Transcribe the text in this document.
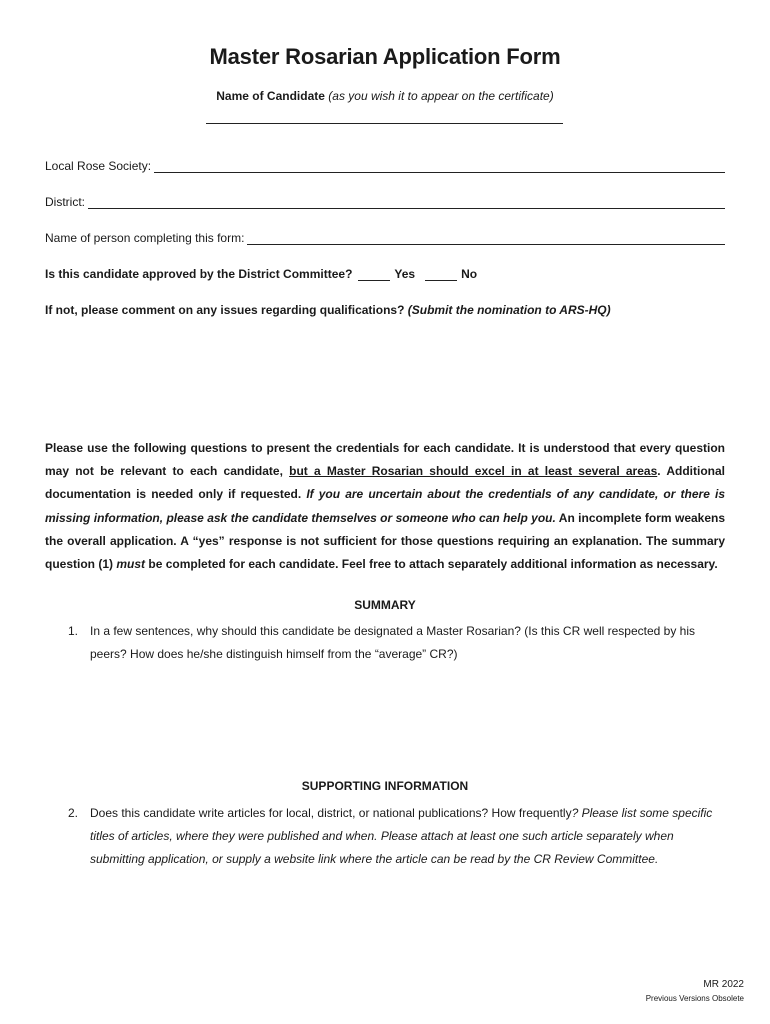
Master Rosarian Application Form
Name of Candidate (as you wish it to appear on the certificate)
Local Rose Society:
District:
Name of person completing this form:
Is this candidate approved by the District Committee?	Yes	No
If not, please comment on any issues regarding qualifications?
(Submit the nomination to ARS-HQ)
Please use the following questions to present the credentials for each candidate. It is understood that every question may not be relevant to each candidate, but a Master Rosarian should excel in at least several areas. Additional documentation is needed only if requested. If you are uncertain about the credentials of any candidate, or there is missing information, please ask the candidate themselves or someone who can help you. An incomplete form weakens the overall application. A “yes” response is not sufficient for those questions requiring an explanation. The summary question (1) must be completed for each candidate. Feel free to attach separately additional information as necessary.
SUMMARY
1. In a few sentences, why should this candidate be designated a Master Rosarian? (Is this CR well respected by his peers? How does he/she distinguish himself from the “average” CR?)
SUPPORTING INFORMATION
2. Does this candidate write articles for local, district, or national publications? How frequently? Please list some specific titles of articles, where they were published and when. Please attach at least one such article separately when submitting application, or supply a website link where the article can be read by the CR Review Committee.
MR 2022
Previous Versions Obsolete
